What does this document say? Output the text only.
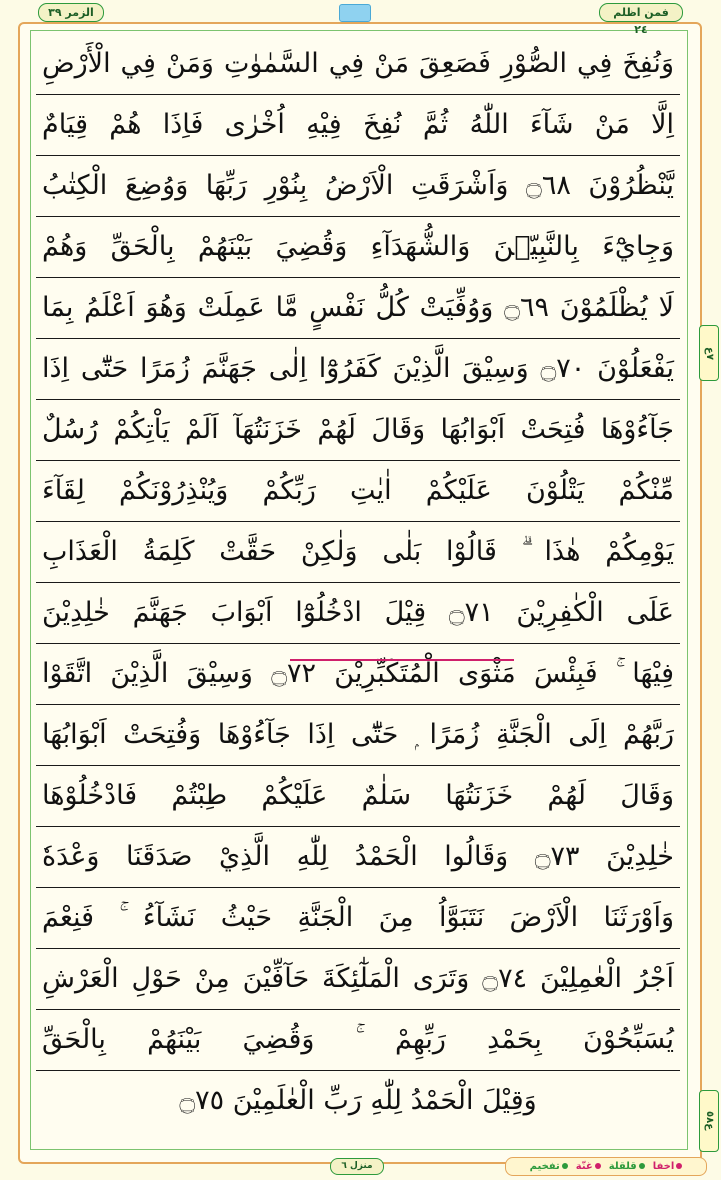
الزمر ٣٩	فمن اظلم ٢٤
٧ع
ع٥٨
وَنُفِخَ فِي الصُّوْرِ فَصَعِقَ مَنْ فِي السَّمٰوٰتِ وَمَنْ فِي الْأَرْضِ
اِلَّا مَنْ شَآءَ اللّٰهُ ثُمَّ نُفِخَ فِيْهِ اُخْرٰى فَاِذَا هُمْ قِيَامٌ
يَّنْظُرُوْنَ ۝٦٨ وَاَشْرَقَتِ الْاَرْضُ بِنُوْرِ رَبِّهَا وَوُضِعَ الْكِتٰبُ
وَجِايْٓءَ بِالنَّبِيّٖنَ وَالشُّهَدَآءِ وَقُضِيَ بَيْنَهُمْ بِالْحَقِّ وَهُمْ
لَا يُظْلَمُوْنَ ۝٦٩ وَوُفِّيَتْ كُلُّ نَفْسٍ مَّا عَمِلَتْ وَهُوَ اَعْلَمُ بِمَا
يَفْعَلُوْنَ ۝٧٠ وَسِيْقَ الَّذِيْنَ كَفَرُوْٓا اِلٰى جَهَنَّمَ زُمَرًا حَتّٰٓى اِذَا
جَآءُوْهَا فُتِحَتْ اَبْوَابُهَا وَقَالَ لَهُمْ خَزَنَتُهَآ اَلَمْ يَاْتِكُمْ رُسُلٌ
مِّنْكُمْ يَتْلُوْنَ عَلَيْكُمْ اٰيٰتِ رَبِّكُمْ وَيُنْذِرُوْنَكُمْ لِقَآءَ
يَوْمِكُمْ هٰذَا ۗ قَالُوْا بَلٰى وَلٰكِنْ حَقَّتْ كَلِمَةُ الْعَذَابِ
عَلَى الْكٰفِرِيْنَ ۝٧١ قِيْلَ ادْخُلُوْٓا اَبْوَابَ جَهَنَّمَ خٰلِدِيْنَ
فِيْهَا ۚ فَبِئْسَ مَثْوَى الْمُتَكَبِّرِيْنَ ۝٧٢ وَسِيْقَ الَّذِيْنَ اتَّقَوْا
رَبَّهُمْ اِلَى الْجَنَّةِ زُمَرًا ۭ حَتّٰٓى اِذَا جَآءُوْهَا وَفُتِحَتْ اَبْوَابُهَا
وَقَالَ لَهُمْ خَزَنَتُهَا سَلٰمٌ عَلَيْكُمْ طِبْتُمْ فَادْخُلُوْهَا
خٰلِدِيْنَ ۝٧٣ وَقَالُوا الْحَمْدُ لِلّٰهِ الَّذِيْ صَدَقَنَا وَعْدَهٗ
وَاَوْرَثَنَا الْاَرْضَ نَتَبَوَّاُ مِنَ الْجَنَّةِ حَيْثُ نَشَآءُ ۚ فَنِعْمَ
اَجْرُ الْعٰمِلِيْنَ ۝٧٤ وَتَرَى الْمَلٰٓئِكَةَ حَآفِّيْنَ مِنْ حَوْلِ الْعَرْشِ
يُسَبِّحُوْنَ بِحَمْدِ رَبِّهِمْ ۚ وَقُضِيَ بَيْنَهُمْ بِالْحَقِّ
وَقِيْلَ الْحَمْدُ لِلّٰهِ رَبِّ الْعٰلَمِيْنَ ۝٧٥
منزل ٦	اخفا
قلقلة
غنّة
تفخيم
